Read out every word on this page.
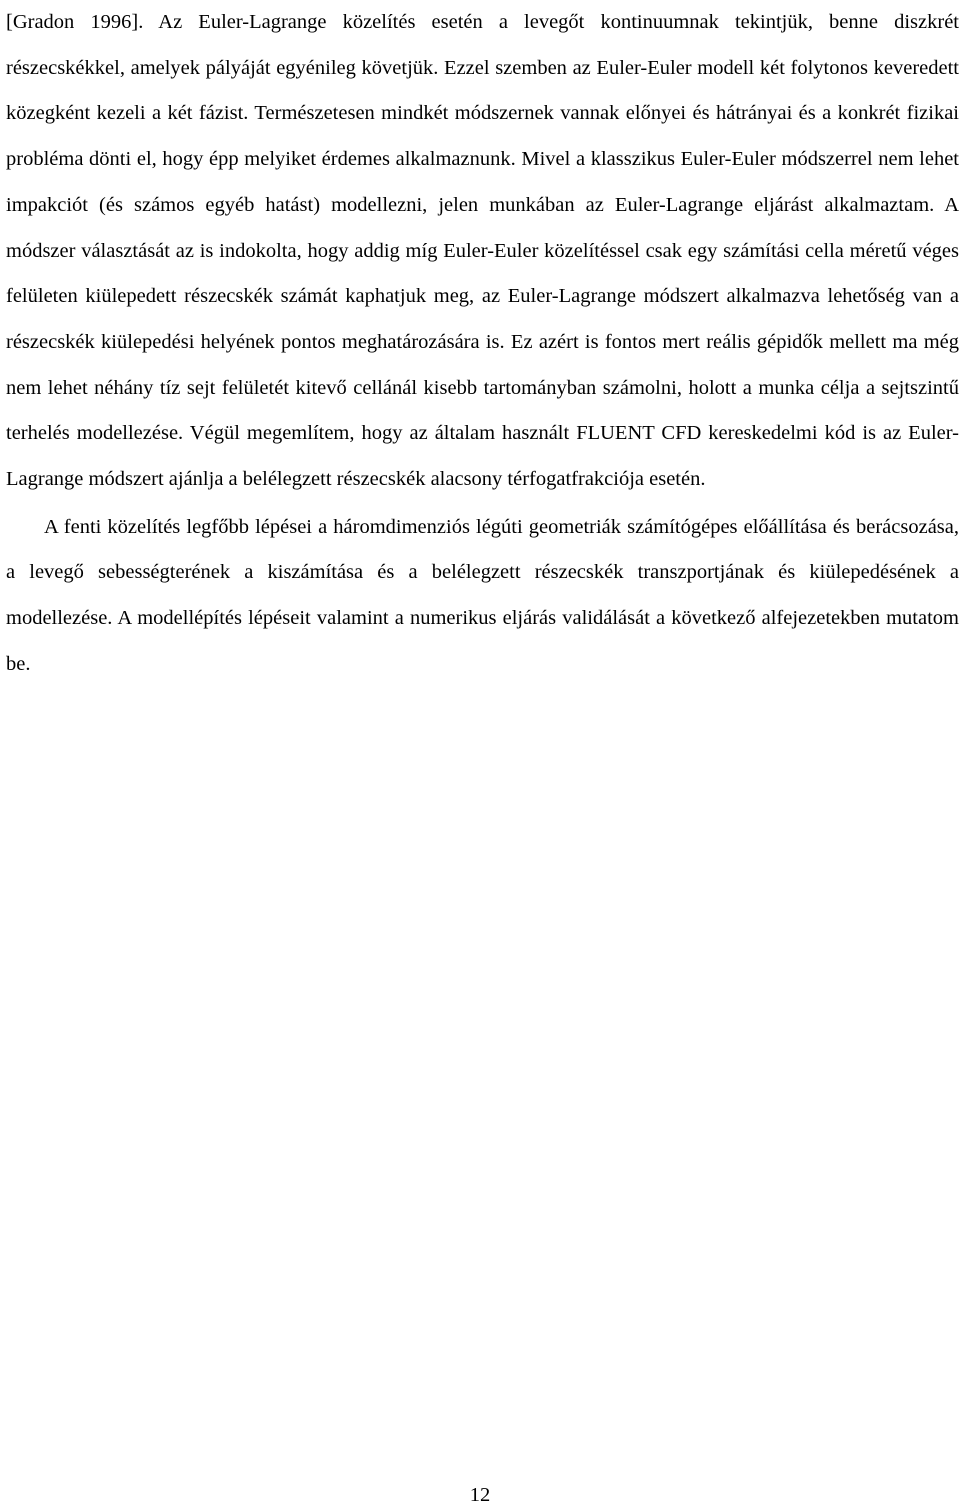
[Gradon 1996]. Az Euler-Lagrange közelítés esetén a levegőt kontinuumnak tekintjük, benne diszkrét részecskékkel, amelyek pályáját egyénileg követjük. Ezzel szemben az Euler-Euler modell két folytonos keveredett közegként kezeli a két fázist. Természetesen mindkét módszernek vannak előnyei és hátrányai és a konkrét fizikai probléma dönti el, hogy épp melyiket érdemes alkalmaznunk. Mivel a klasszikus Euler-Euler módszerrel nem lehet impakciót (és számos egyéb hatást) modellezni, jelen munkában az Euler-Lagrange eljárást alkalmaztam. A módszer választását az is indokolta, hogy addig míg Euler-Euler közelítéssel csak egy számítási cella méretű véges felületen kiülepedett részecskék számát kaphatjuk meg, az Euler-Lagrange módszert alkalmazva lehetőség van a részecskék kiülepedési helyének pontos meghatározására is. Ez azért is fontos mert reális gépidők mellett ma még nem lehet néhány tíz sejt felületét kitevő cellánál kisebb tartományban számolni, holott a munka célja a sejtszintű terhelés modellezése. Végül megemlítem, hogy az általam használt FLUENT CFD kereskedelmi kód is az Euler-Lagrange módszert ajánlja a belélegzett részecskék alacsony térfogatfrakciója esetén.

A fenti közelítés legfőbb lépései a háromdimenziós légúti geometriák számítógépes előállítása és berácsozása, a levegő sebességterének a kiszámítása és a belélegzett részecskék transzportjának és kiülepedésének a modellezése. A modellépítés lépéseit valamint a numerikus eljárás validálását a következő alfejezetekben mutatom be.

12
